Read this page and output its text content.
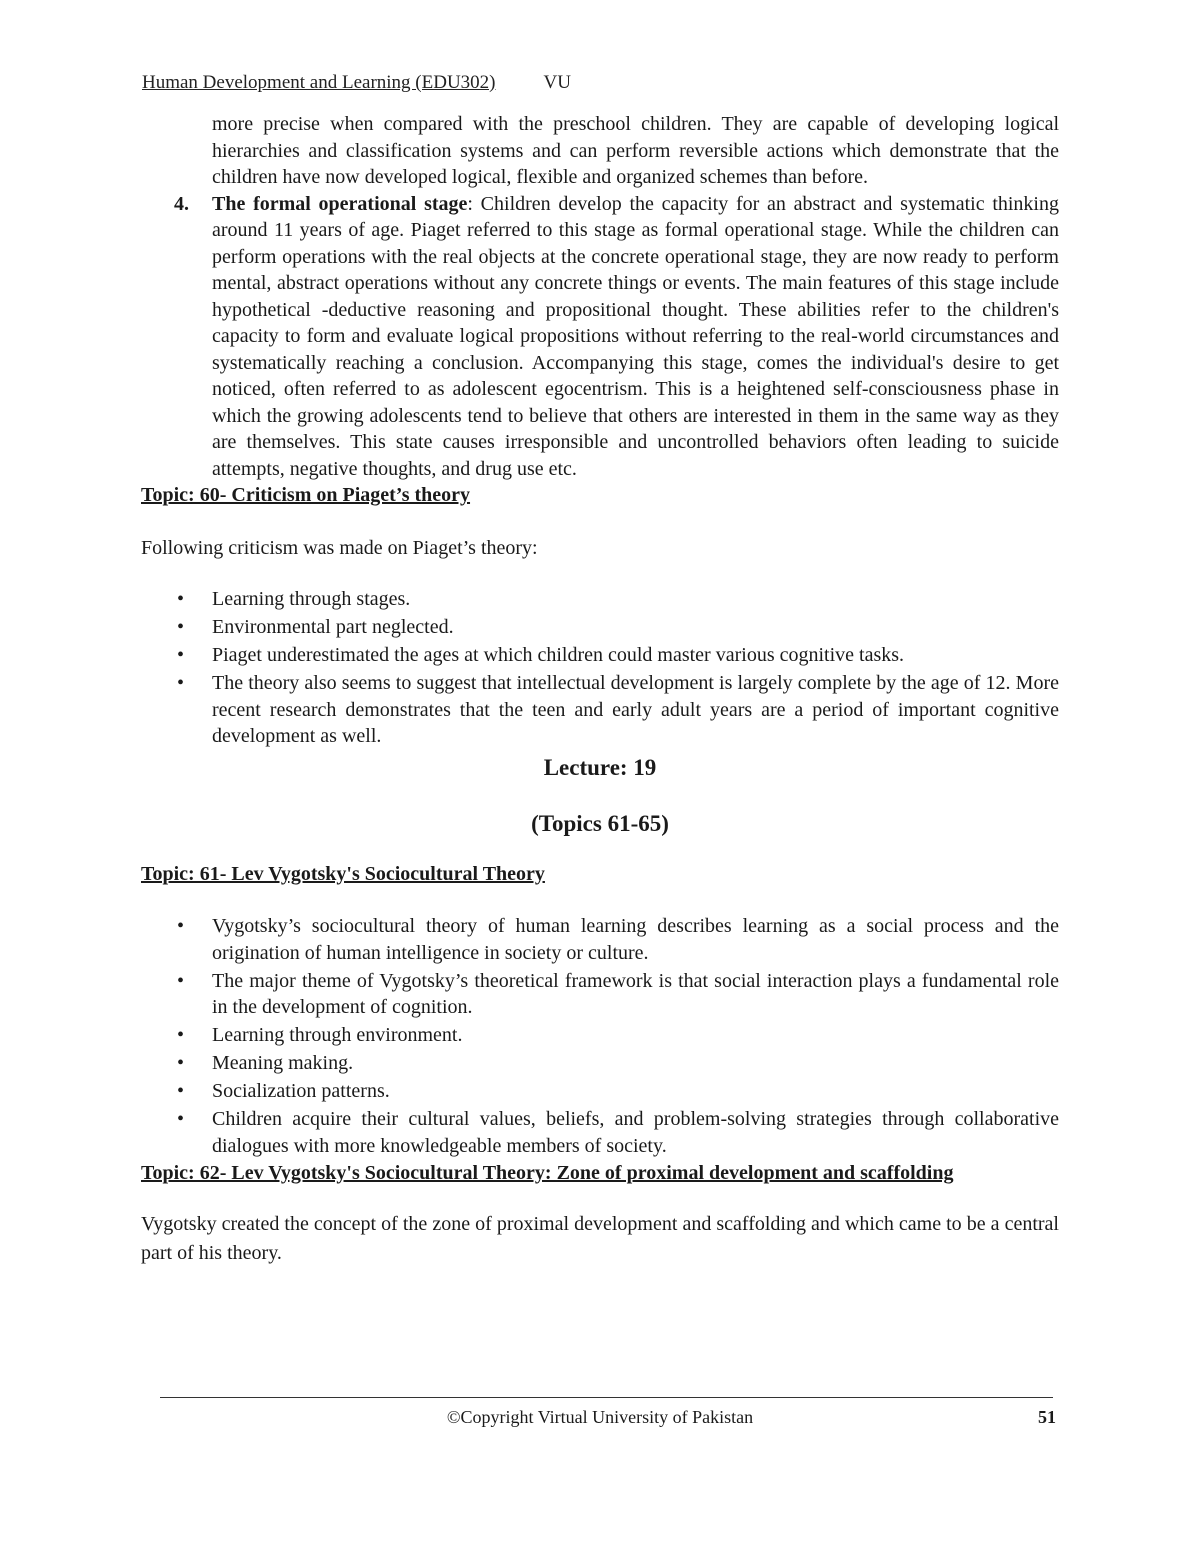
Human Development and Learning (EDU302)	VU
more precise when compared with the preschool children. They are capable of developing logical hierarchies and classification systems and can perform reversible actions which demonstrate that the children have now developed logical, flexible and organized schemes than before.
4. The formal operational stage: Children develop the capacity for an abstract and systematic thinking around 11 years of age. Piaget referred to this stage as formal operational stage. While the children can perform operations with the real objects at the concrete operational stage, they are now ready to perform mental, abstract operations without any concrete things or events. The main features of this stage include hypothetical -deductive reasoning and propositional thought. These abilities refer to the children's capacity to form and evaluate logical propositions without referring to the real-world circumstances and systematically reaching a conclusion. Accompanying this stage, comes the individual's desire to get noticed, often referred to as adolescent egocentrism. This is a heightened self-consciousness phase in which the growing adolescents tend to believe that others are interested in them in the same way as they are themselves. This state causes irresponsible and uncontrolled behaviors often leading to suicide attempts, negative thoughts, and drug use etc.
Topic: 60- Criticism on Piaget’s theory
Following criticism was made on Piaget’s theory:
• Learning through stages.
• Environmental part neglected.
• Piaget underestimated the ages at which children could master various cognitive tasks.
• The theory also seems to suggest that intellectual development is largely complete by the age of 12. More recent research demonstrates that the teen and early adult years are a period of important cognitive development as well.
Lecture: 19
(Topics 61-65)
Topic: 61- Lev Vygotsky's Sociocultural Theory
• Vygotsky’s sociocultural theory of human learning describes learning as a social process and the origination of human intelligence in society or culture.
• The major theme of Vygotsky’s theoretical framework is that social interaction plays a fundamental role in the development of cognition.
• Learning through environment.
• Meaning making.
• Socialization patterns.
• Children acquire their cultural values, beliefs, and problem-solving strategies through collaborative dialogues with more knowledgeable members of society.
Topic: 62- Lev Vygotsky's Sociocultural Theory: Zone of proximal development and scaffolding
Vygotsky created the concept of the zone of proximal development and scaffolding and which came to be a central part of his theory.
©Copyright Virtual University of Pakistan	51
